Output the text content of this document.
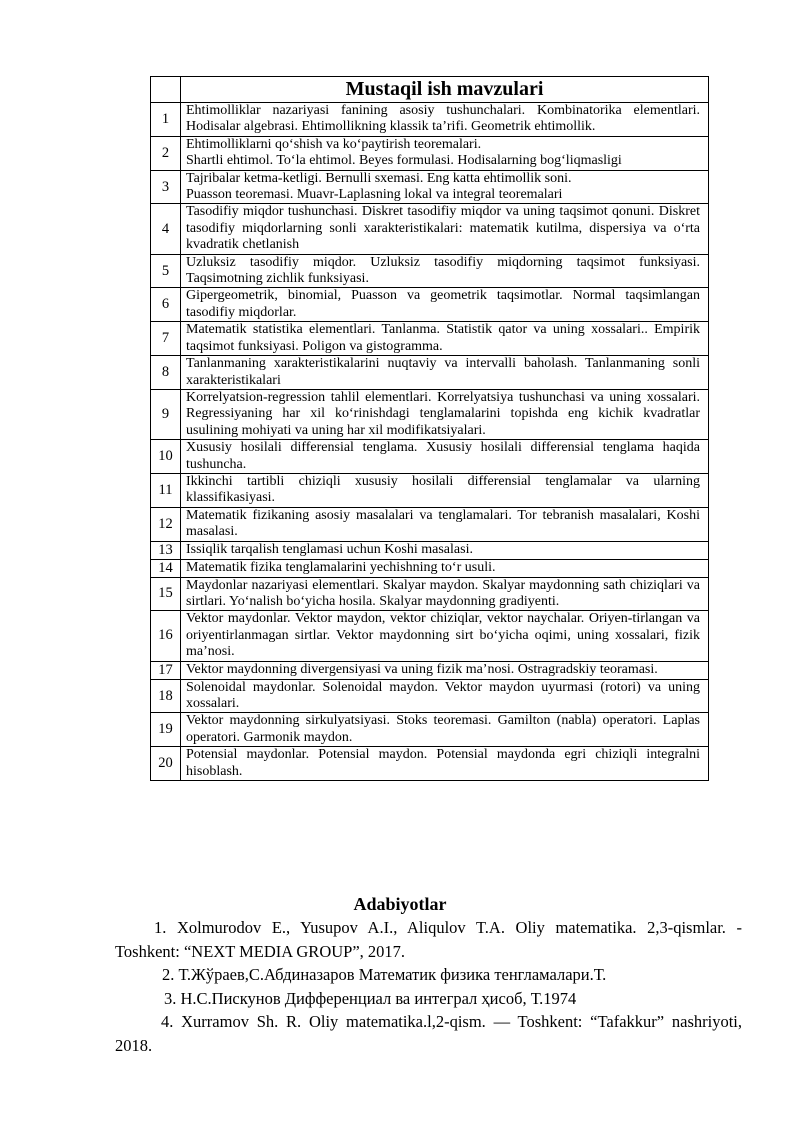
	Mustaqil ish mavzulari
1	Ehtimolliklar nazariyasi fanining asosiy tushunchalari. Kombinatorika elementlari. Hodisalar algebrasi. Ehtimollikning klassik ta’rifi. Geometrik ehtimollik.

2	Ehtimolliklarni qo‘shish va ko‘paytirish teoremalari.
Shartli ehtimol. To‘la ehtimol. Beyes formulasi. Hodisalarning bog‘liqmasligi

3	Tajribalar ketma-ketligi. Bernulli sxemasi. Eng katta ehtimollik soni.
Puasson teoremasi. Muavr-Laplasning lokal va integral teoremalari

4	Tasodifiy miqdor tushunchasi. Diskret tasodifiy miqdor va uning taqsimot qonuni. Diskret tasodifiy miqdorlarning sonli xarakteristikalari: matematik kutilma, dispersiya va o‘rta kvadratik chetlanish

5	Uzluksiz tasodifiy miqdor. Uzluksiz tasodifiy miqdorning taqsimot funksiyasi. Taqsimotning zichlik funksiyasi.

6	Gipergeometrik, binomial, Puasson va geometrik taqsimotlar. Normal taqsimlangan tasodifiy miqdorlar.

7	Matematik statistika elementlari. Tanlanma. Statistik qator va uning xossalari.. Empirik taqsimot funksiyasi. Poligon va gistogramma.

8	Tanlanmaning xarakteristikalarini nuqtaviy va intervalli baholash. Tanlanmaning sonli xarakteristikalari

9	Korrelyatsion-regression tahlil elementlari. Korrelyatsiya tushunchasi va uning xossalari. Regressiyaning har xil ko‘rinishdagi tenglamalarini topishda eng kichik kvadratlar usulining mohiyati va uning har xil modifikatsiyalari.

10	Xususiy hosilali differensial tenglama. Xususiy hosilali differensial tenglama haqida tushuncha.

11	Ikkinchi tartibli chiziqli xususiy hosilali differensial tenglamalar va ularning klassifikasiyasi.

12	Matematik fizikaning asosiy masalalari va tenglamalari. Tor tebranish masalalari, Koshi masalasi.

13	Issiqlik tarqalish tenglamasi uchun Koshi masalasi.

14	Matematik fizika tenglamalarini yechishning to‘r usuli.

15	Maydonlar nazariyasi elementlari. Skalyar maydon. Skalyar maydonning sath chiziqlari va sirtlari. Yo‘nalish bo‘yicha hosila. Skalyar maydonning gradiyenti.

16	Vektor maydonlar. Vektor maydon, vektor chiziqlar, vektor naychalar. Oriyen-tirlangan va oriyentirlanmagan sirtlar. Vektor maydonning sirt bo‘yicha oqimi, uning xossalari, fizik ma’nosi.

17	Vektor maydonning divergensiyasi va uning fizik ma’nosi. Ostragradskiy teoramasi.

18	Solenoidal maydonlar. Solenoidal maydon. Vektor maydon uyurmasi (rotori) va uning xossalari.

19	Vektor maydonning sirkulyatsiyasi. Stoks teoremasi. Gamilton (nabla) operatori. Laplas operatori. Garmonik maydon.

20	Potensial maydonlar. Potensial maydon. Potensial maydonda egri chiziqli integralni hisoblash.
Adabiyotlar

1. Xolmurodov E., Yusupov A.I., Aliqulov T.A. Oliy matematika. 2,3-qismlar. - Toshkent: “NEXT MEDIA GROUP”, 2017.

2. Т.Жўраев,С.Абдиназаров Математик физика тенгламалари.Т.

3. Н.С.Пискунов Дифференциал ва интеграл ҳисоб, Т.1974

4. Xurramov Sh. R. Oliy matematika.l,2-qism. — Toshkent: “Tafakkur” nashriyoti, 2018.
